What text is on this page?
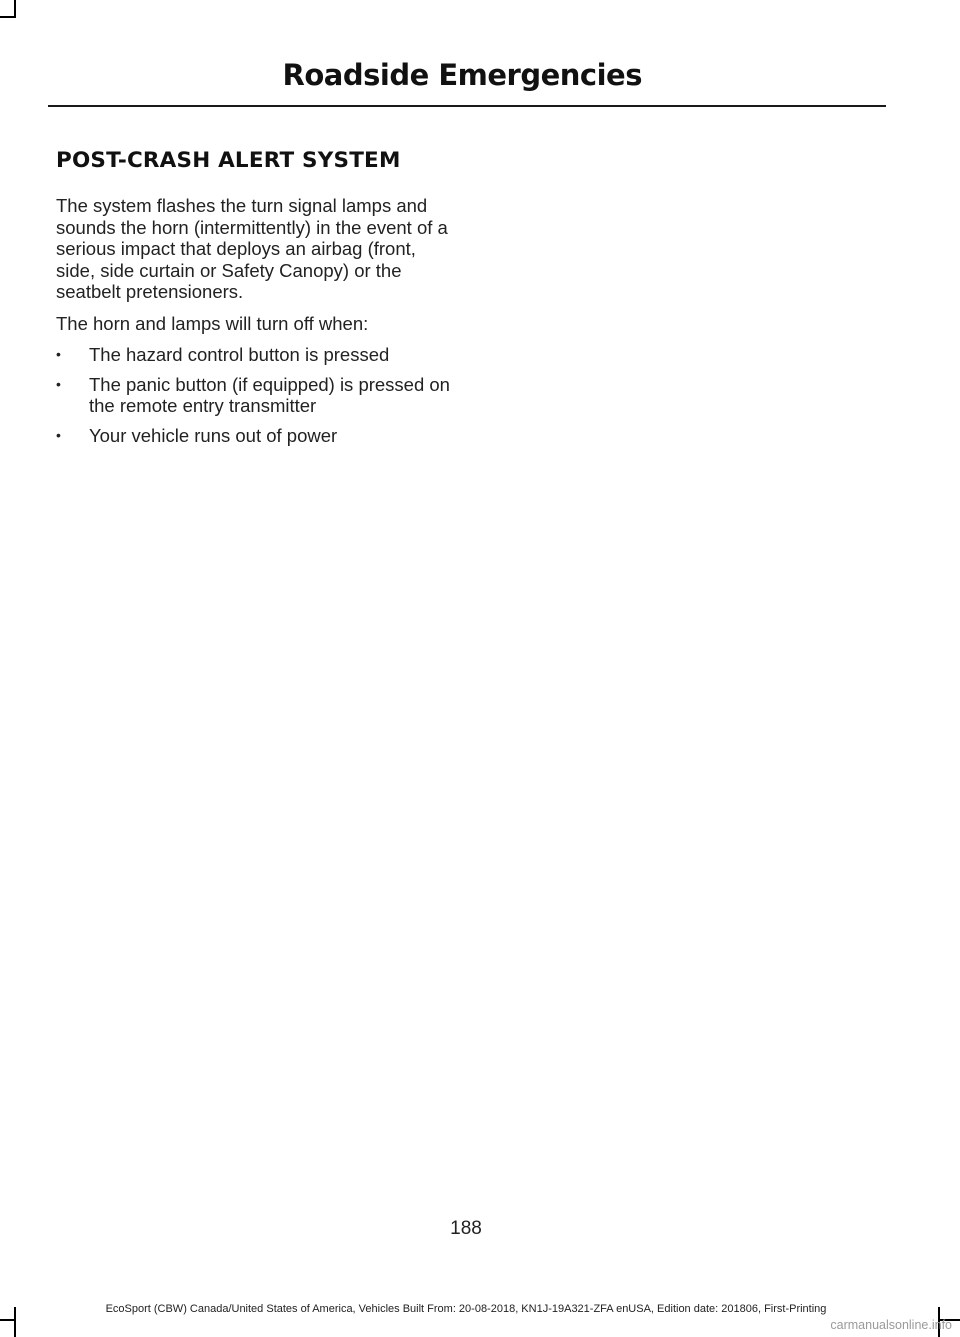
Roadside Emergencies
POST-CRASH ALERT SYSTEM

The system flashes the turn signal lamps and sounds the horn (intermittently) in the event of a serious impact that deploys an airbag (front, side, side curtain or Safety Canopy) or the seatbelt pretensioners.

The horn and lamps will turn off when:

• The hazard control button is pressed
• The panic button (if equipped) is pressed on the remote entry transmitter
• Your vehicle runs out of power
188
EcoSport (CBW) Canada/United States of America, Vehicles Built From: 20-08-2018, KN1J-19A321-ZFA enUSA, Edition date: 201806, First-Printing
carmanualsonline.info
